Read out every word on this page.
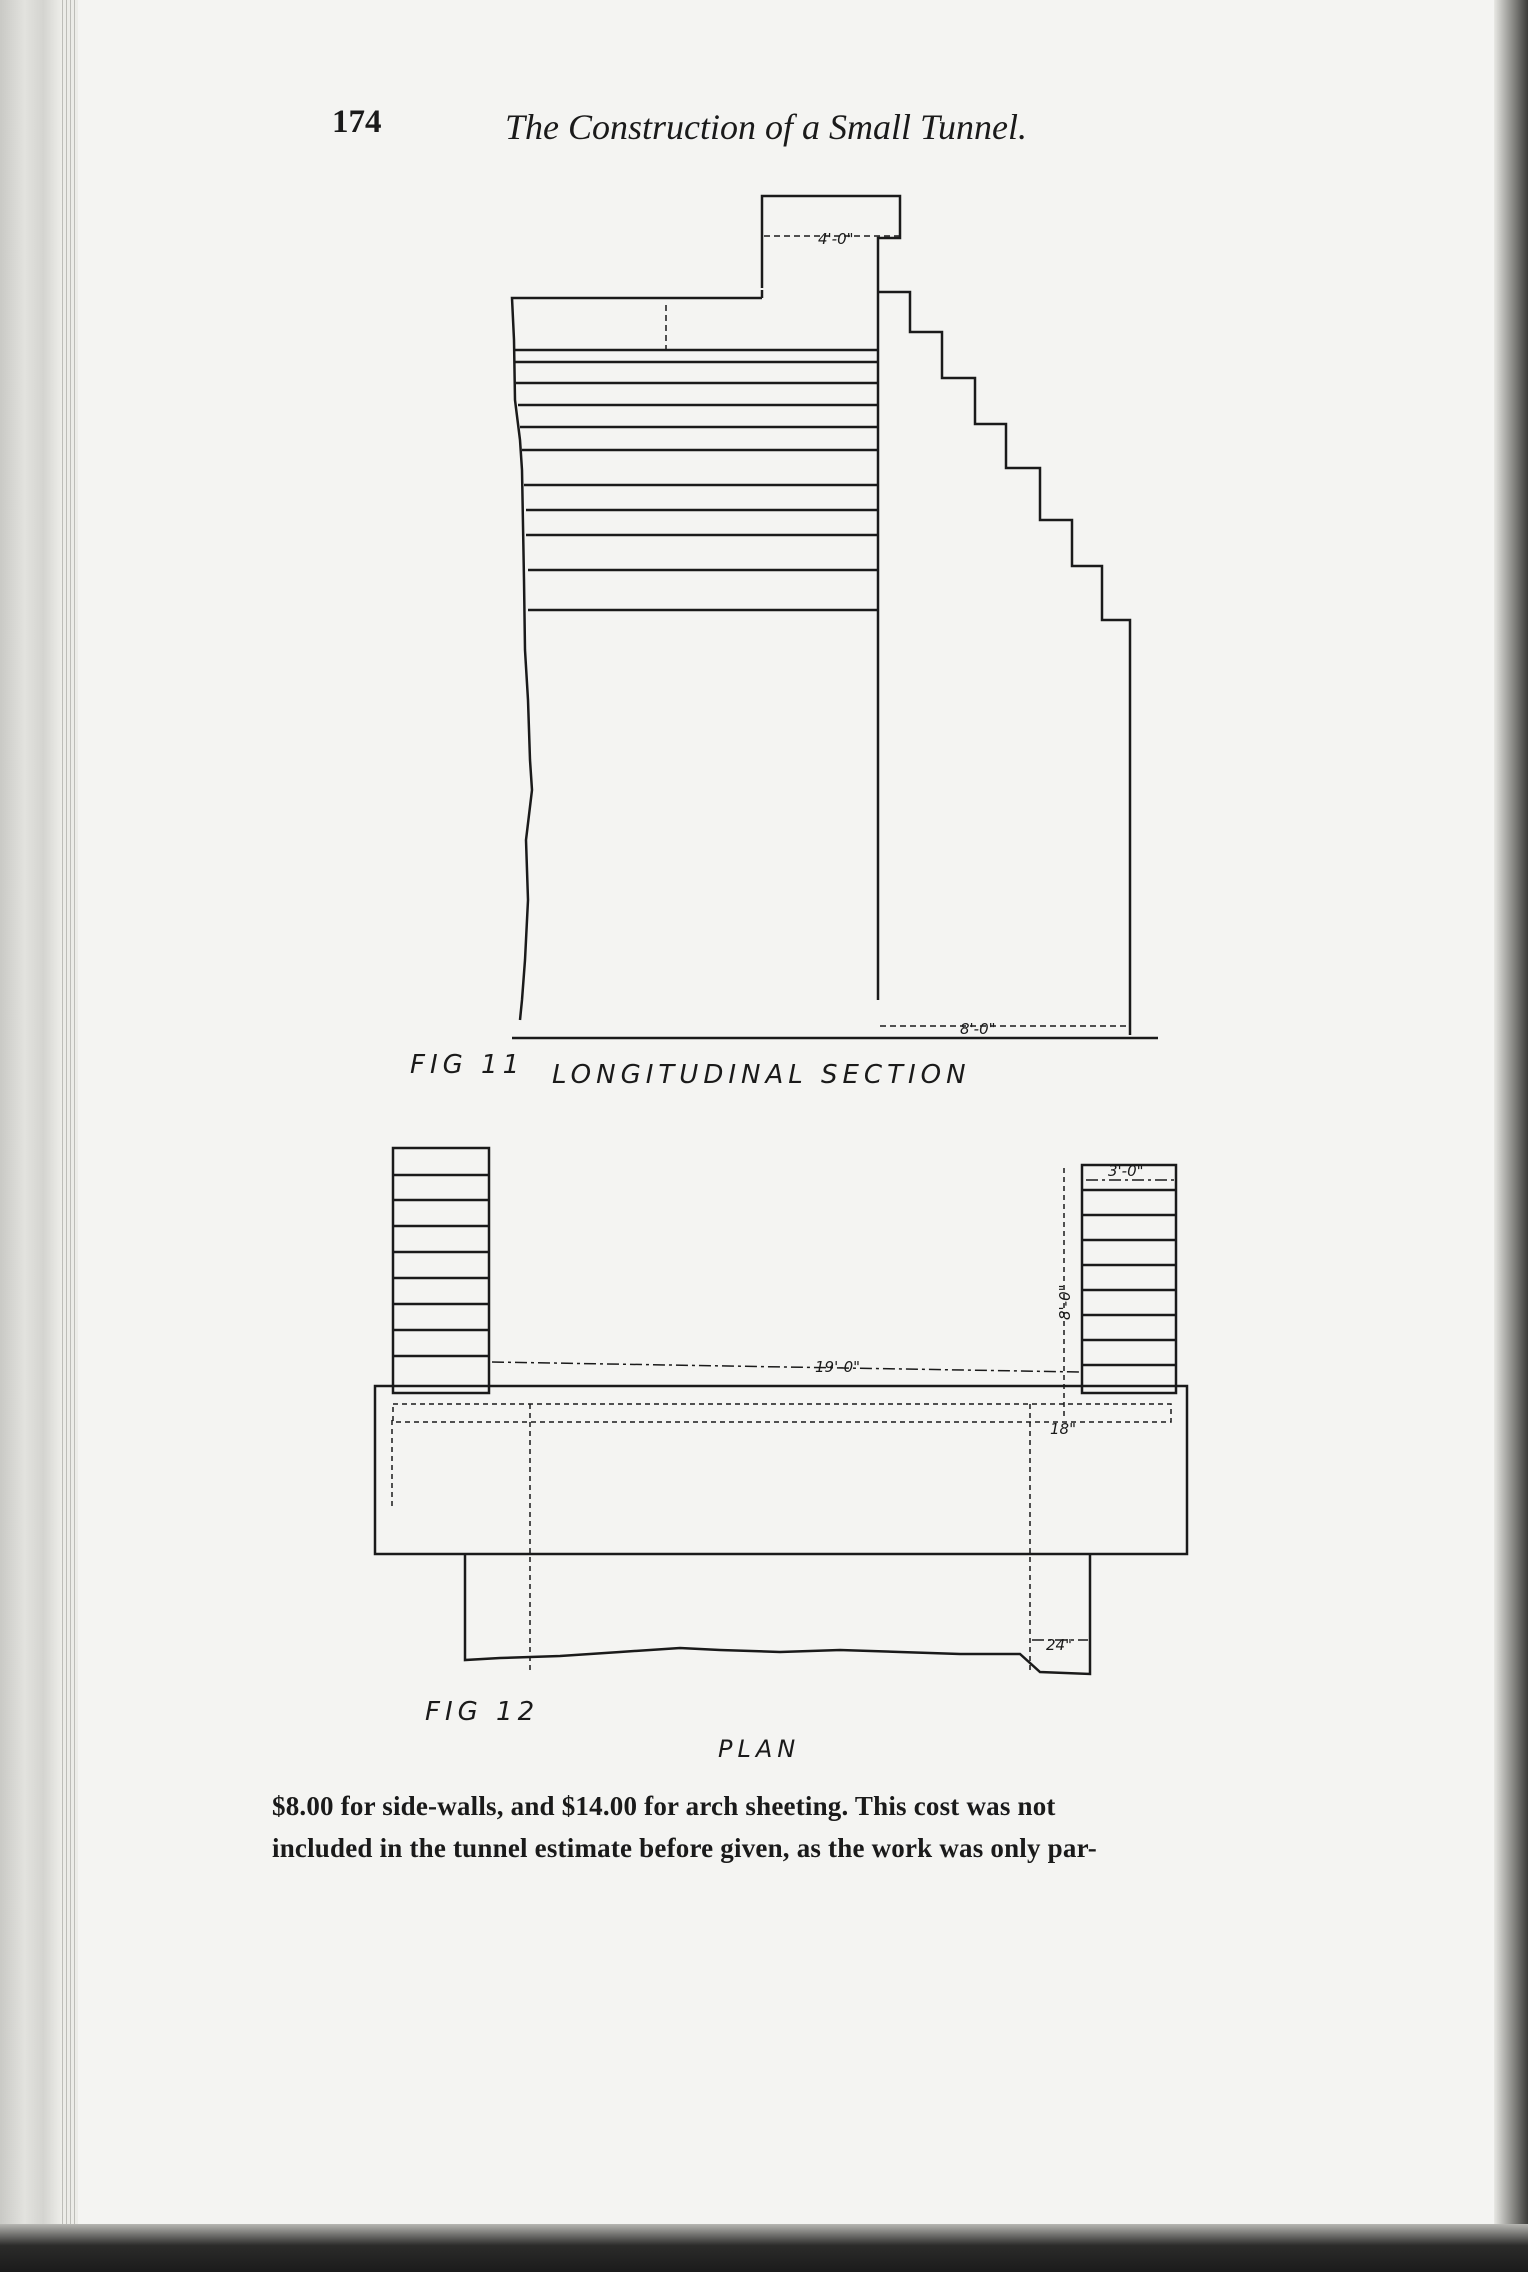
174	The Construction of a Small Tunnel.
4'-0"
8'-0"
FIG 11 LONGITUDINAL SECTION
19'-0"
3'-0"
8'-0"
18"
24"
FIG 12
PLAN

$8.00 for side-walls, and $14.00 for arch sheeting. This cost was not
included in the tunnel estimate before given, as the work was only par-
